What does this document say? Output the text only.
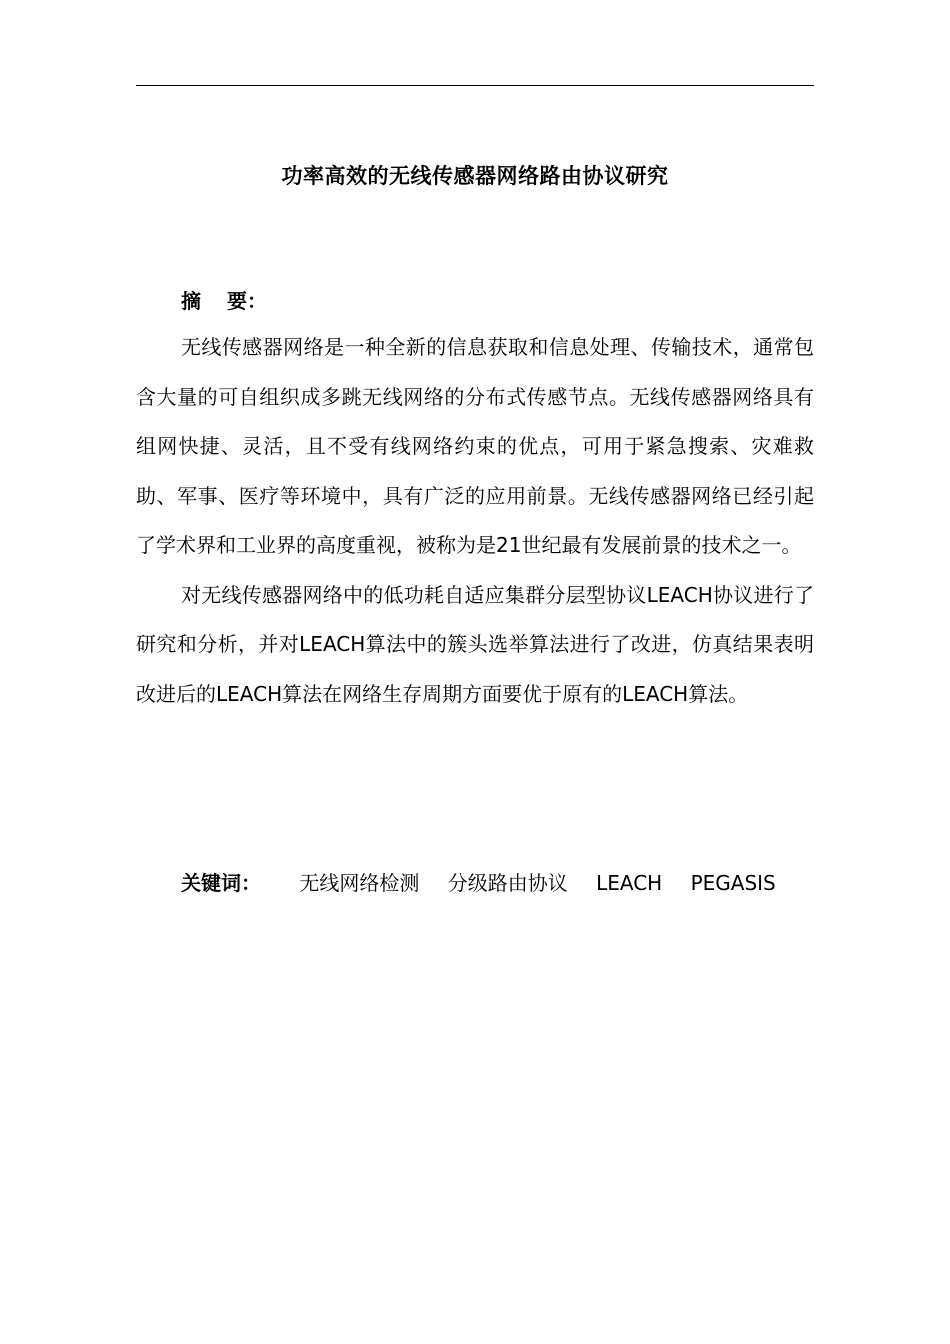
功率高效的无线传感器网络路由协议研究
摘 要：

无线传感器网络是一种全新的信息获取和信息处理、传输技术，通常包含大量的可自组织成多跳无线网络的分布式传感节点。无线传感器网络具有组网快捷、灵活，且不受有线网络约束的优点，可用于紧急搜索、灾难救助、军事、医疗等环境中，具有广泛的应用前景。无线传感器网络已经引起了学术界和工业界的高度重视，被称为是21世纪最有发展前景的技术之一。

对无线传感器网络中的低功耗自适应集群分层型协议LEACH协议进行了研究和分析，并对LEACH算法中的簇头选举算法进行了改进，仿真结果表明改进后的LEACH算法在网络生存周期方面要优于原有的LEACH算法。

关键词： 无线网络检测 分级路由协议 LEACH PEGASIS
